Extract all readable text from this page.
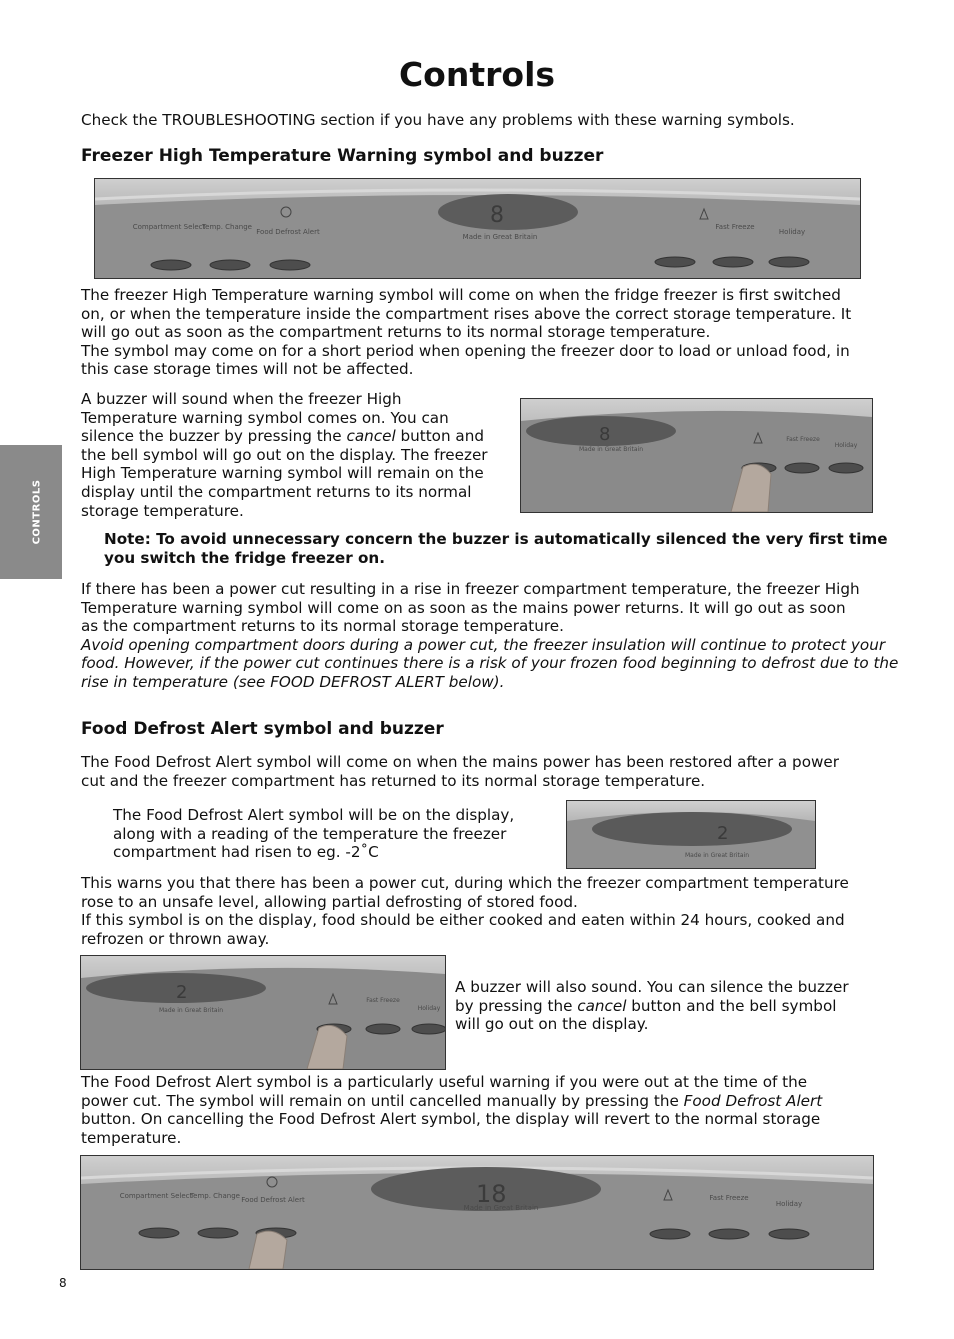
Controls
Check the TROUBLESHOOTING section if you have any problems with these warning symbols.
Freezer High Temperature Warning symbol and buzzer
8
Compartment Select
Temp. Change
Food Defrost Alert
Made in Great Britain
Fast Freeze
Holiday
The freezer High Temperature warning symbol will come on when the fridge freezer is first switched
on, or when the temperature inside the compartment rises above the correct storage temperature. It
will go out as soon as the compartment returns to its normal storage temperature.
The symbol may come on for a short period when opening the freezer door to load or unload food, in
this case storage times will not be affected.
A buzzer will sound when the freezer High
Temperature warning symbol comes on. You can
silence the buzzer by pressing the cancel button and
the bell symbol will go out on the display. The freezer
High Temperature warning symbol will remain on the
display until the compartment returns to its normal
storage temperature.
8	Fast Freeze
Holiday
Made in Great Britain
Note: To avoid unnecessary concern the buzzer is automatically silenced the very first time
you switch the fridge freezer on.
If there has been a power cut resulting in a rise in freezer compartment temperature, the freezer High
Temperature warning symbol will come on as soon as the mains power returns. It will go out as soon
as the compartment returns to its normal storage temperature.
Avoid opening compartment doors during a power cut, the freezer insulation will continue to protect your
food. However, if the power cut continues there is a risk of your frozen food beginning to defrost due to the
rise in temperature (see FOOD DEFROST ALERT below).
Food Defrost Alert symbol and buzzer
The Food Defrost Alert symbol will come on when the mains power has been restored after a power
cut and the freezer compartment has returned to its normal storage temperature.
The Food Defrost Alert symbol will be on the display,
along with a reading of the temperature the freezer
compartment had risen to eg. -2˚C
2
Made in Great Britain
This warns you that there has been a power cut, during which the freezer compartment temperature
rose to an unsafe level, allowing partial defrosting of stored food.
If this symbol is on the display, food should be either cooked and eaten within 24 hours, cooked and
refrozen or thrown away.
2	Fast Freeze
Holiday
Made in Great Britain
A buzzer will also sound. You can silence the buzzer
by pressing the cancel button and the bell symbol
will go out on the display.
The Food Defrost Alert symbol is a particularly useful warning if you were out at the time of the
power cut. The symbol will remain on until cancelled manually by pressing the Food Defrost Alert
button. On cancelling the Food Defrost Alert symbol, the display will revert to the normal storage
temperature.
18
Compartment Select
Temp. Change Food Defrost Alert
Made in Great Britain
Fast Freeze
Holiday
CONTROLS
8
